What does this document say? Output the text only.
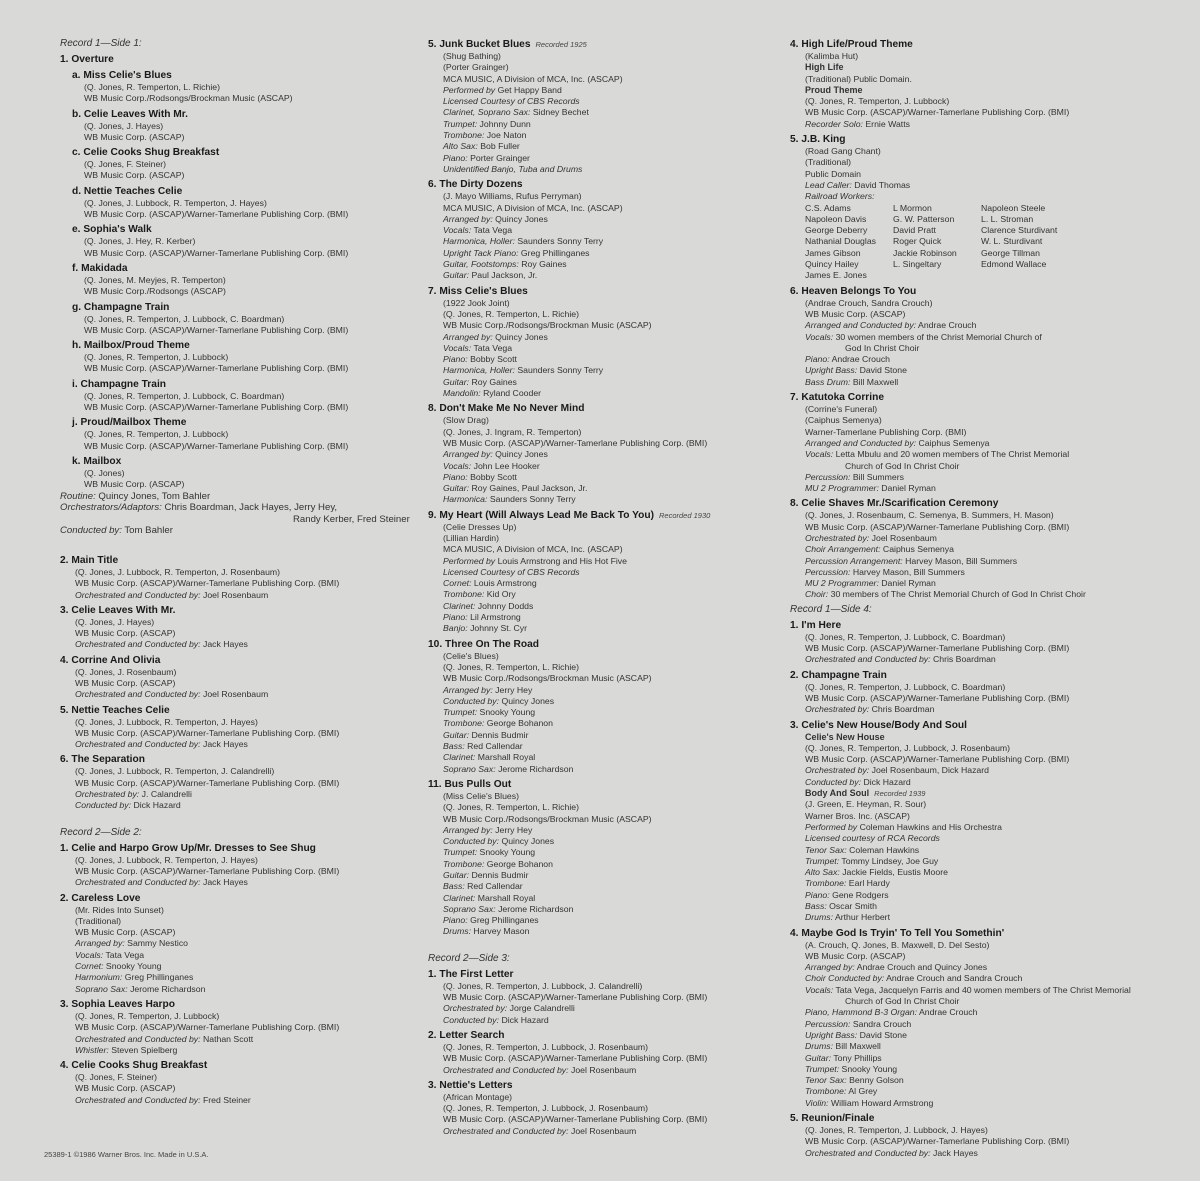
Record 1—Side 1:
1. Overture
a. Miss Celie's Blues
(Q. Jones, R. Temperton, L. Richie)
WB Music Corp./Rodsongs/Brockman Music (ASCAP)
b. Celie Leaves With Mr.
(Q. Jones, J. Hayes)
WB Music Corp. (ASCAP)
c. Celie Cooks Shug Breakfast
(Q. Jones, F. Steiner)
WB Music Corp. (ASCAP)
d. Nettie Teaches Celie
(Q. Jones, J. Lubbock, R. Temperton, J. Hayes)
WB Music Corp. (ASCAP)/Warner-Tamerlane Publishing Corp. (BMI)
e. Sophia's Walk
(Q. Jones, J. Hey, R. Kerber)
WB Music Corp. (ASCAP)/Warner-Tamerlane Publishing Corp. (BMI)
f. Makidada
(Q. Jones, M. Meyjes, R. Temperton)
WB Music Corp./Rodsongs (ASCAP)
g. Champagne Train
(Q. Jones, R. Temperton, J. Lubbock, C. Boardman)
WB Music Corp. (ASCAP)/Warner-Tamerlane Publishing Corp. (BMI)
h. Mailbox/Proud Theme
(Q. Jones, R. Temperton, J. Lubbock)
WB Music Corp. (ASCAP)/Warner-Tamerlane Publishing Corp. (BMI)
i. Champagne Train
(Q. Jones, R. Temperton, J. Lubbock, C. Boardman)
WB Music Corp. (ASCAP)/Warner-Tamerlane Publishing Corp. (BMI)
j. Proud/Mailbox Theme
(Q. Jones, R. Temperton, J. Lubbock)
WB Music Corp. (ASCAP)/Warner-Tamerlane Publishing Corp. (BMI)
k. Mailbox
(Q. Jones)
WB Music Corp. (ASCAP)
Routine: Quincy Jones, Tom Bahler
Orchestrators/Adaptors: Chris Boardman, Jack Hayes, Jerry Hey,
Randy Kerber, Fred Steiner
Conducted by: Tom Bahler
2. Main Title
(Q. Jones, J. Lubbock, R. Temperton, J. Rosenbaum)
WB Music Corp. (ASCAP)/Warner-Tamerlane Publishing Corp. (BMI)
Orchestrated and Conducted by: Joel Rosenbaum
3. Celie Leaves With Mr.
(Q. Jones, J. Hayes)
WB Music Corp. (ASCAP)
Orchestrated and Conducted by: Jack Hayes
4. Corrine And Olivia
(Q. Jones, J. Rosenbaum)
WB Music Corp. (ASCAP)
Orchestrated and Conducted by: Joel Rosenbaum
5. Nettie Teaches Celie
(Q. Jones, J. Lubbock, R. Temperton, J. Hayes)
WB Music Corp. (ASCAP)/Warner-Tamerlane Publishing Corp. (BMI)
Orchestrated and Conducted by: Jack Hayes
6. The Separation
(Q. Jones, J. Lubbock, R. Temperton, J. Calandrelli)
WB Music Corp. (ASCAP)/Warner-Tamerlane Publishing Corp. (BMI)
Orchestrated by: J. Calandrelli
Conducted by: Dick Hazard
Record 2—Side 2:
1. Celie and Harpo Grow Up/Mr. Dresses to See Shug
(Q. Jones, J. Lubbock, R. Temperton, J. Hayes)
WB Music Corp. (ASCAP)/Warner-Tamerlane Publishing Corp. (BMI)
Orchestrated and Conducted by: Jack Hayes
2. Careless Love
(Mr. Rides Into Sunset)
(Traditional)
WB Music Corp. (ASCAP)
Arranged by: Sammy Nestico
Vocals: Tata Vega
Cornet: Snooky Young
Harmonium: Greg Phillinganes
Soprano Sax: Jerome Richardson
3. Sophia Leaves Harpo
(Q. Jones, R. Temperton, J. Lubbock)
WB Music Corp. (ASCAP)/Warner-Tamerlane Publishing Corp. (BMI)
Orchestrated and Conducted by: Nathan Scott
Whistler: Steven Spielberg
4. Celie Cooks Shug Breakfast
(Q. Jones, F. Steiner)
WB Music Corp. (ASCAP)
Orchestrated and Conducted by: Fred Steiner
5. Junk Bucket Blues Recorded 1925
(Shug Bathing)
(Porter Grainger)
MCA MUSIC, A Division of MCA, Inc. (ASCAP)
Performed by Get Happy Band
Licensed Courtesy of CBS Records
Clarinet, Soprano Sax: Sidney Bechet
Trumpet: Johnny Dunn
Trombone: Joe Naton
Alto Sax: Bob Fuller
Piano: Porter Grainger
Unidentified Banjo, Tuba and Drums
6. The Dirty Dozens
(J. Mayo Williams, Rufus Perryman)
MCA MUSIC, A Division of MCA, Inc. (ASCAP)
Arranged by: Quincy Jones
Vocals: Tata Vega
Harmonica, Holler: Saunders Sonny Terry
Upright Tack Piano: Greg Phillinganes
Guitar, Footstomps: Roy Gaines
Guitar: Paul Jackson, Jr.
7. Miss Celie's Blues
(1922 Jook Joint)
(Q. Jones, R. Temperton, L. Richie)
WB Music Corp./Rodsongs/Brockman Music (ASCAP)
Arranged by: Quincy Jones
Vocals: Tata Vega
Piano: Bobby Scott
Harmonica, Holler: Saunders Sonny Terry
Guitar: Roy Gaines
Mandolin: Ryland Cooder
8. Don't Make Me No Never Mind
(Slow Drag)
(Q. Jones, J. Ingram, R. Temperton)
WB Music Corp. (ASCAP)/Warner-Tamerlane Publishing Corp. (BMI)
Arranged by: Quincy Jones
Vocals: John Lee Hooker
Piano: Bobby Scott
Guitar: Roy Gaines, Paul Jackson, Jr.
Harmonica: Saunders Sonny Terry
9. My Heart (Will Always Lead Me Back To You) Recorded 1930
(Celie Dresses Up)
(Lillian Hardin)
MCA MUSIC, A Division of MCA, Inc. (ASCAP)
Performed by Louis Armstrong and His Hot Five
Licensed Courtesy of CBS Records
Cornet: Louis Armstrong
Trombone: Kid Ory
Clarinet: Johnny Dodds
Piano: Lil Armstrong
Banjo: Johnny St. Cyr
10. Three On The Road
(Celie's Blues)
(Q. Jones, R. Temperton, L. Richie)
WB Music Corp./Rodsongs/Brockman Music (ASCAP)
Arranged by: Jerry Hey
Conducted by: Quincy Jones
Trumpet: Snooky Young
Trombone: George Bohanon
Guitar: Dennis Budmir
Bass: Red Callendar
Clarinet: Marshall Royal
Soprano Sax: Jerome Richardson
11. Bus Pulls Out
(Miss Celie's Blues)
(Q. Jones, R. Temperton, L. Richie)
WB Music Corp./Rodsongs/Brockman Music (ASCAP)
Arranged by: Jerry Hey
Conducted by: Quincy Jones
Trumpet: Snooky Young
Trombone: George Bohanon
Guitar: Dennis Budmir
Bass: Red Callendar
Clarinet: Marshall Royal
Soprano Sax: Jerome Richardson
Piano: Greg Phillinganes
Drums: Harvey Mason
Record 2—Side 3:
1. The First Letter
(Q. Jones, R. Temperton, J. Lubbock, J. Calandrelli)
WB Music Corp. (ASCAP)/Warner-Tamerlane Publishing Corp. (BMI)
Orchestrated by: Jorge Calandrelli
Conducted by: Dick Hazard
2. Letter Search
(Q. Jones, R. Temperton, J. Lubbock, J. Rosenbaum)
WB Music Corp. (ASCAP)/Warner-Tamerlane Publishing Corp. (BMI)
Orchestrated and Conducted by: Joel Rosenbaum
3. Nettie's Letters
(African Montage)
(Q. Jones, R. Temperton, J. Lubbock, J. Rosenbaum)
WB Music Corp. (ASCAP)/Warner-Tamerlane Publishing Corp. (BMI)
Orchestrated and Conducted by: Joel Rosenbaum
4. High Life/Proud Theme
(Kalimba Hut)
High Life
(Traditional) Public Domain.
Proud Theme
(Q. Jones, R. Temperton, J. Lubbock)
WB Music Corp. (ASCAP)/Warner-Tamerlane Publishing Corp. (BMI)
Recorder Solo: Ernie Watts
5. J.B. King
(Road Gang Chant)
(Traditional)
Public Domain
Lead Caller: David Thomas
Railroad Workers:
C.S. Adams	L Mormon	Napoleon Steele
Napoleon Davis	G. W. Patterson	L. L. Stroman
George Deberry	David Pratt	Clarence Sturdivant
Nathanial Douglas	Roger Quick	W. L. Sturdivant
James Gibson	Jackie Robinson	George Tillman
Quincy Hailey	L. Singeltary	Edmond Wallace
James E. Jones
6. Heaven Belongs To You
(Andrae Crouch, Sandra Crouch)
WB Music Corp. (ASCAP)
Arranged and Conducted by: Andrae Crouch
Vocals: 30 women members of the Christ Memorial Church of
God In Christ Choir
Piano: Andrae Crouch
Upright Bass: David Stone
Bass Drum: Bill Maxwell
7. Katutoka Corrine
(Corrine's Funeral)
(Caiphus Semenya)
Warner-Tamerlane Publishing Corp. (BMI)
Arranged and Conducted by: Caiphus Semenya
Vocals: Letta Mbulu and 20 women members of The Christ Memorial
Church of God In Christ Choir
Percussion: Bill Summers
MU 2 Programmer: Daniel Ryman
8. Celie Shaves Mr./Scarification Ceremony
(Q. Jones, J. Rosenbaum, C. Semenya, B. Summers, H. Mason)
WB Music Corp. (ASCAP)/Warner-Tamerlane Publishing Corp. (BMI)
Orchestrated by: Joel Rosenbaum
Choir Arrangement: Caiphus Semenya
Percussion Arrangement: Harvey Mason, Bill Summers
Percussion: Harvey Mason, Bill Summers
MU 2 Programmer: Daniel Ryman
Choir: 30 members of The Christ Memorial Church of God In Christ Choir
Record 1—Side 4:
1. I'm Here
(Q. Jones, R. Temperton, J. Lubbock, C. Boardman)
WB Music Corp. (ASCAP)/Warner-Tamerlane Publishing Corp. (BMI)
Orchestrated and Conducted by: Chris Boardman
2. Champagne Train
(Q. Jones, R. Temperton, J. Lubbock, C. Boardman)
WB Music Corp. (ASCAP)/Warner-Tamerlane Publishing Corp. (BMI)
Orchestrated by: Chris Boardman
3. Celie's New House/Body And Soul
Celie's New House
(Q. Jones, R. Temperton, J. Lubbock, J. Rosenbaum)
WB Music Corp. (ASCAP)/Warner-Tamerlane Publishing Corp. (BMI)
Orchestrated by: Joel Rosenbaum, Dick Hazard
Conducted by: Dick Hazard
Body And Soul Recorded 1939
(J. Green, E. Heyman, R. Sour)
Warner Bros. Inc. (ASCAP)
Performed by Coleman Hawkins and His Orchestra
Licensed courtesy of RCA Records
Tenor Sax: Coleman Hawkins
Trumpet: Tommy Lindsey, Joe Guy
Alto Sax: Jackie Fields, Eustis Moore
Trombone: Earl Hardy
Piano: Gene Rodgers
Bass: Oscar Smith
Drums: Arthur Herbert
4. Maybe God Is Tryin' To Tell You Somethin'
(A. Crouch, Q. Jones, B. Maxwell, D. Del Sesto)
WB Music Corp. (ASCAP)
Arranged by: Andrae Crouch and Quincy Jones
Choir Conducted by: Andrae Crouch and Sandra Crouch
Vocals: Tata Vega, Jacquelyn Farris and 40 women members of The Christ Memorial
Church of God In Christ Choir
Piano, Hammond B-3 Organ: Andrae Crouch
Percussion: Sandra Crouch
Upright Bass: David Stone
Drums: Bill Maxwell
Guitar: Tony Phillips
Trumpet: Snooky Young
Tenor Sax: Benny Golson
Trombone: Al Grey
Violin: William Howard Armstrong
5. Reunion/Finale
(Q. Jones, R. Temperton, J. Lubbock, J. Hayes)
WB Music Corp. (ASCAP)/Warner-Tamerlane Publishing Corp. (BMI)
Orchestrated and Conducted by: Jack Hayes
25389-1 ©1986 Warner Bros. Inc. Made in U.S.A.
